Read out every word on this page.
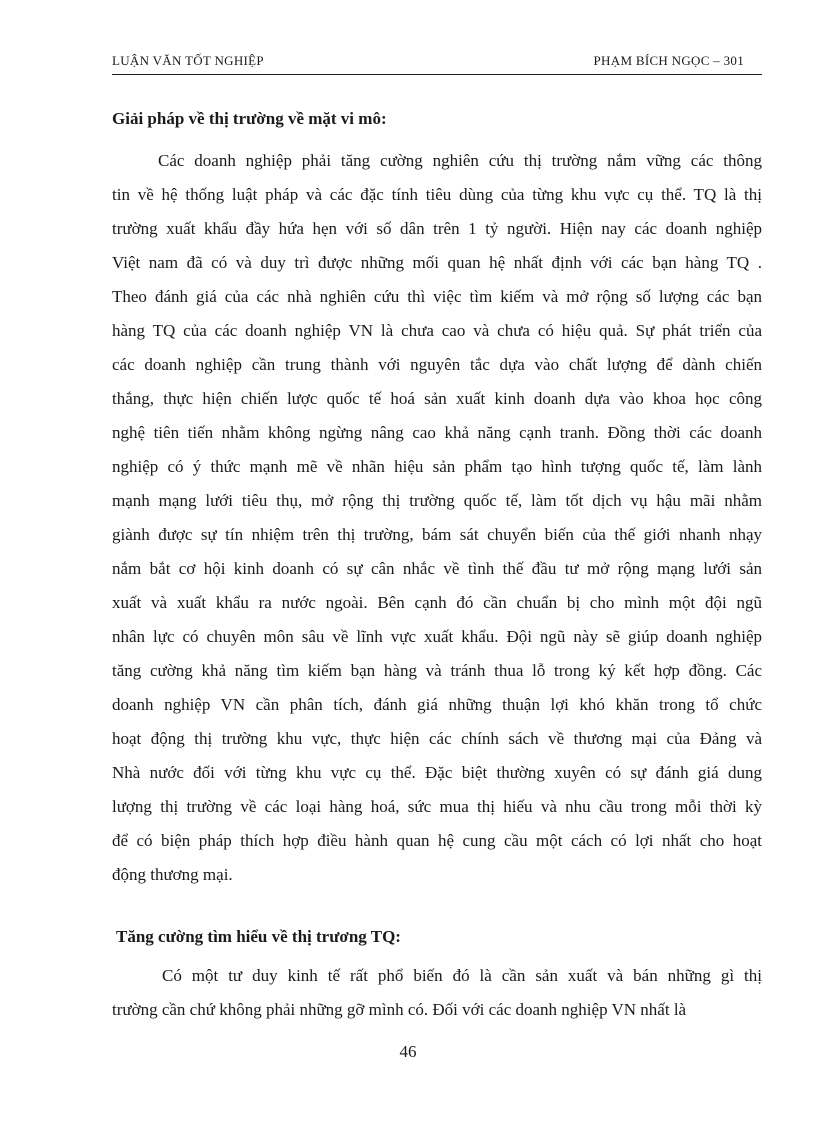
LUẬN VĂN TỐT NGHIỆP	PHẠM BÍCH NGỌC – 301

Giải pháp về thị trường về mặt vi mô:

Các doanh nghiệp phải tăng cường nghiên cứu thị trường nắm vững các thông
tin về hệ thống luật pháp và các đặc tính tiêu dùng của từng khu vực cụ thể. TQ là thị
trường xuất khẩu đầy hứa hẹn với số dân trên 1 tỷ người. Hiện nay các doanh nghiệp
Việt nam đã có và duy trì được những mối quan hệ nhất định với các bạn hàng TQ .
Theo đánh giá của các nhà nghiên cứu thì việc tìm kiếm và mở rộng số lượng các bạn
hàng TQ của các doanh nghiệp VN là chưa cao và chưa có hiệu quả. Sự phát triển của
các doanh nghiệp cần trung thành với nguyên tắc dựa vào chất lượng để dành chiến
thắng, thực hiện chiến lược quốc tế hoá sản xuất kinh doanh dựa vào khoa học công
nghệ tiên tiến nhằm không ngừng nâng cao khả năng cạnh tranh. Đồng thời các doanh
nghiệp có ý thức mạnh mẽ về nhãn hiệu sản phẩm tạo hình tượng quốc tế, làm lành
mạnh mạng lưới tiêu thụ, mở rộng thị trường quốc tế, làm tốt dịch vụ hậu mãi nhằm
giành được sự tín nhiệm trên thị trường, bám sát chuyển biến của thế giới nhanh nhạy
nắm bắt cơ hội kinh doanh có sự cân nhắc về tình thế đầu tư mở rộng mạng lưới sản
xuất và xuất khẩu ra nước ngoài. Bên cạnh đó cần chuẩn bị cho mình một đội ngũ
nhân lực có chuyên môn sâu về lĩnh vực xuất khẩu. Đội ngũ này sẽ giúp doanh nghiệp
tăng cường khả năng tìm kiếm bạn hàng và tránh thua lỗ trong ký kết hợp đồng. Các
doanh nghiệp VN cần phân tích, đánh giá những thuận lợi khó khăn trong tổ chức
hoạt động thị trường khu vực, thực hiện các chính sách về thương mại của Đảng và
Nhà nước đối với từng khu vực cụ thể. Đặc biệt thường xuyên có sự đánh giá dung
lượng thị trường về các loại hàng hoá, sức mua thị hiếu và nhu cầu trong mỗi thời kỳ
để có biện pháp thích hợp điều hành quan hệ cung cầu một cách có lợi nhất cho hoạt
động thương mại.

Tăng cường tìm hiểu về thị trương TQ:

Có một tư duy kinh tế rất phổ biến đó là cần sản xuất và bán những gì thị
trường cần chứ không phải những gỡ mình có. Đối với các doanh nghiệp VN nhất là
46
